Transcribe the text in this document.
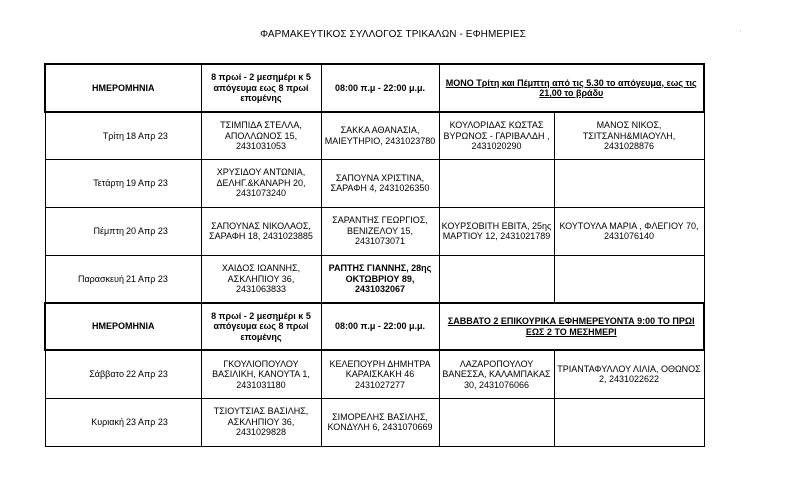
ΦΑΡΜΑΚΕΥΤΙΚΟΣ ΣΥΛΛΟΓΟΣ ΤΡΙΚΑΛΩΝ - ΕΦΗΜΕΡΙΕΣ	ˈ
ΗΜΕΡΟΜΗΝΙΑ		8 πρωί - 2 μεσημέρι κ 5 απόγευμα εως 8 πρωί επομένης	08:00 π.μ - 22:00 μ.μ.	ΜΟΝΟ Τρίτη και Πέμπτη από τις 5.30 το απόγευμα, εως τις 21,00 το βράδυ	
Τρίτη	18 Απρ 23	ΤΣΙΜΠΙΔΑ ΣΤΕΛΛΑ, ΑΠΟΛΛΩΝΟΣ 15, 2431031053	ΣΑΚΚΑ ΑΘΑΝΑΣΙΑ, ΜΑΙΕΥΤΗΡΙΟ, 2431023780	ΚΟΥΛΟΡΙΔΑΣ ΚΩΣΤΑΣ ΒΥΡΩΝΟΣ - ΓΑΡΙΒΑΛΔΗ , 2431020290	ΜΑΝΟΣ ΝΙΚΟΣ, ΤΣΙΤΣΑΝΗ&ΜΙΑΟΥΛΗ, 2431028876
Τετάρτη	19 Απρ 23	ΧΡΥΣΙΔΟΥ ΑΝΤΩΝΙΑ, ΔΕΛΗΓ.&ΚΑΝΑΡΗ 20, 2431073240	ΣΑΠΟΥΝΑ ΧΡΙΣΤΙΝΑ, ΣΑΡΑΦΗ 4, 2431026350		
Πέμπτη	20 Απρ 23	ΣΑΠΟΥΝΑΣ ΝΙΚΟΛΑΟΣ, ΣΑΡΑΦΗ 18, 2431023885	ΣΑΡΑΝΤΗΣ ΓΕΩΡΓΙΟΣ, ΒΕΝΙΖΕΛΟΥ 15, 2431073071	ΚΟΥΡΣΟΒΙΤΗ ΕΒΙΤΑ, 25ης ΜΑΡΤΙΟΥ 12, 2431021789	ΚΟΥΤΟΥΛΑ ΜΑΡΙΑ , ΦΛΕΓΙΟΥ 70, 2431076140
Παρασκευή	21 Απρ 23	ΧΑΙΔΟΣ ΙΩΑΝΝΗΣ, ΑΣΚΛΗΠΙΟΥ 36, 2431063833	ΡΑΠΤΗΣ ΓΙΑΝΝΗΣ, 28ης ΟΚΤΩΒΡΙΟΥ 89, 2431032067		
ΗΜΕΡΟΜΗΝΙΑ		8 πρωί - 2 μεσημέρι κ 5 απόγευμα εως 8 πρωί επομένης	08:00 π.μ - 22:00 μ.μ.	ΣΑΒΒΑΤΟ 2 ΕΠΙΚΟΥΡΙΚΑ ΕΦΗΜΕΡΕΥΟΝΤΑ 9:00 ΤΟ ΠΡΩΙ ΕΩΣ 2 ΤΟ ΜΕΣΗΜΕΡΙ	
Σάββατο	22 Απρ 23	ΓΚΟΥΛΙΟΠΟΥΛΟΥ ΒΑΣΙΛΙΚΗ, ΚΑΝΟΥΤΑ 1, 2431031180	ΚΕΛΕΠΟΥΡΗ ΔΗΜΗΤΡΑ ΚΑΡΑΙΣΚΑΚΗ 46 2431027277	ΛΑΖΑΡΟΠΟΥΛΟΥ ΒΑΝΕΣΣΑ, ΚΑΛΑΜΠΑΚΑΣ 30, 2431076066	ΤΡΙΑΝΤΑΦΥΛΛΟΥ ΛΙΛΙΑ, ΟΘΩΝΟΣ 2, 2431022622
Κυριακή	23 Απρ 23	ΤΣΙΟΥΤΣΙΑΣ ΒΑΣΙΛΗΣ, ΑΣΚΛΗΠΙΟΥ 36, 2431029828	ΣΙΜΟΡΕΛΗΣ ΒΑΣΙΛΗΣ, ΚΟΝΔΥΛΗ 6, 2431070669		
